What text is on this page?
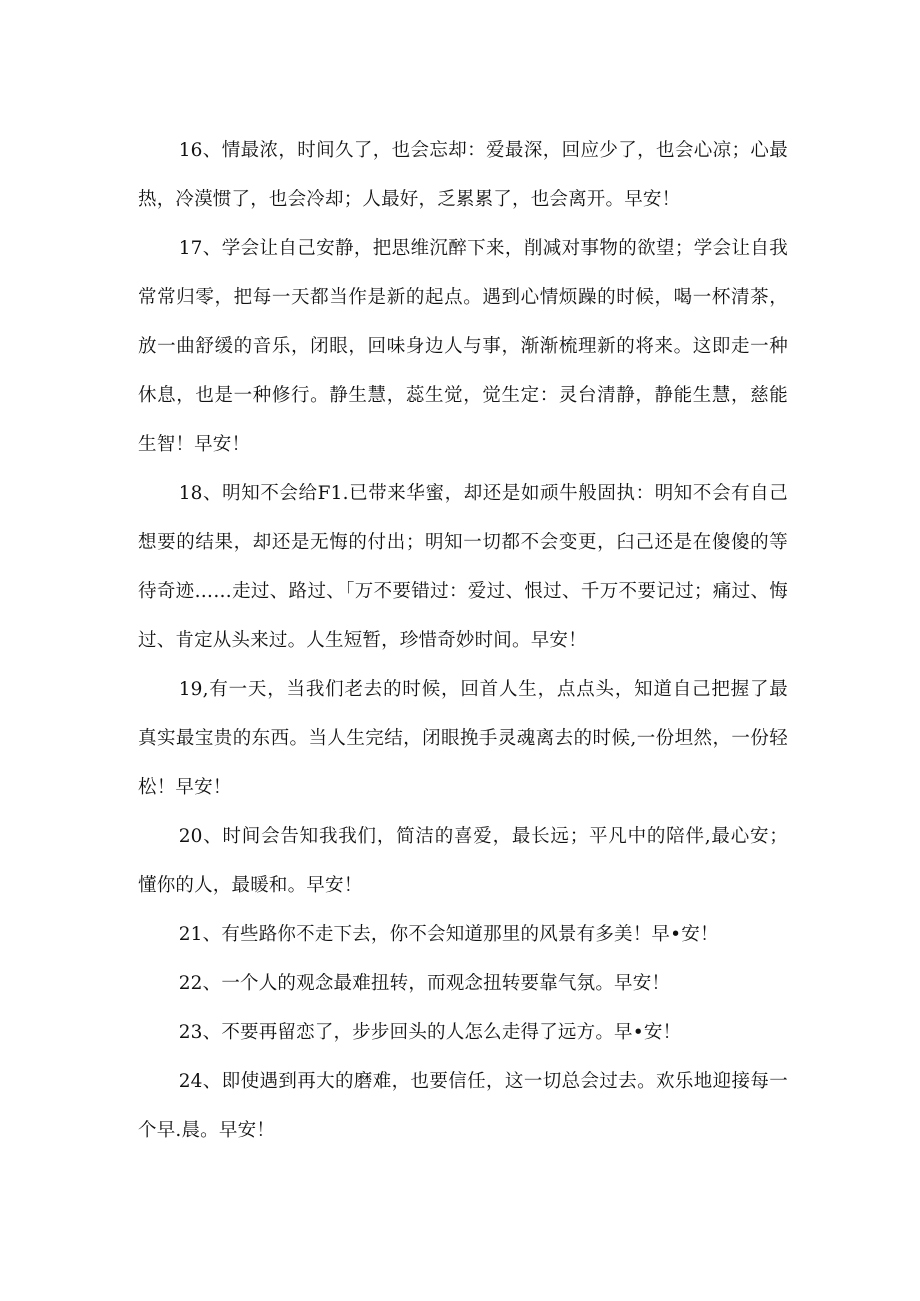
16、情最浓，时间久了，也会忘却：爱最深，回应少了，也会心凉；心最热，冷漠惯了，也会冷却；人最好，乏累累了，也会离开。早安！

17、学会让自己安静，把思维沉醉下来，削减对事物的欲望；学会让自我常常归零，把每一天都当作是新的起点。遇到心情烦躁的时候，喝一杯清茶，放一曲舒缓的音乐，闭眼，回味身边人与事，渐渐梳理新的将来。这即走一种休息，也是一种修行。静生慧，蕊生觉，觉生定：灵台清静，静能生慧，慈能生智！早安！

18、明知不会给F1.已带来华蜜，却还是如顽牛般固执：明知不会有自己想要的结果，却还是无悔的付出；明知一切都不会变更，臼己还是在傻傻的等待奇迹……走过、路过、「万不要错过：爱过、恨过、千万不要记过；痛过、悔过、肯定从头来过。人生短暂，珍惜奇妙时间。早安！

19,有一天，当我们老去的时候，回首人生，点点头，知道自己把握了最真实最宝贵的东西。当人生完结，闭眼挽手灵魂离去的时候,一份坦然，一份轻松！早安！

20、时间会告知我我们，简洁的喜爱，最长远；平凡中的陪伴,最心安；懂你的人，最暖和。早安！

21、有些路你不走下去，你不会知道那里的风景有多美！早•安！

22、一个人的观念最难扭转，而观念扭转要靠气氛。早安！

23、不要再留恋了，步步回头的人怎么走得了远方。早•安！

24、即使遇到再大的磨难，也要信任，这一切总会过去。欢乐地迎接每一个早.晨。早安！
